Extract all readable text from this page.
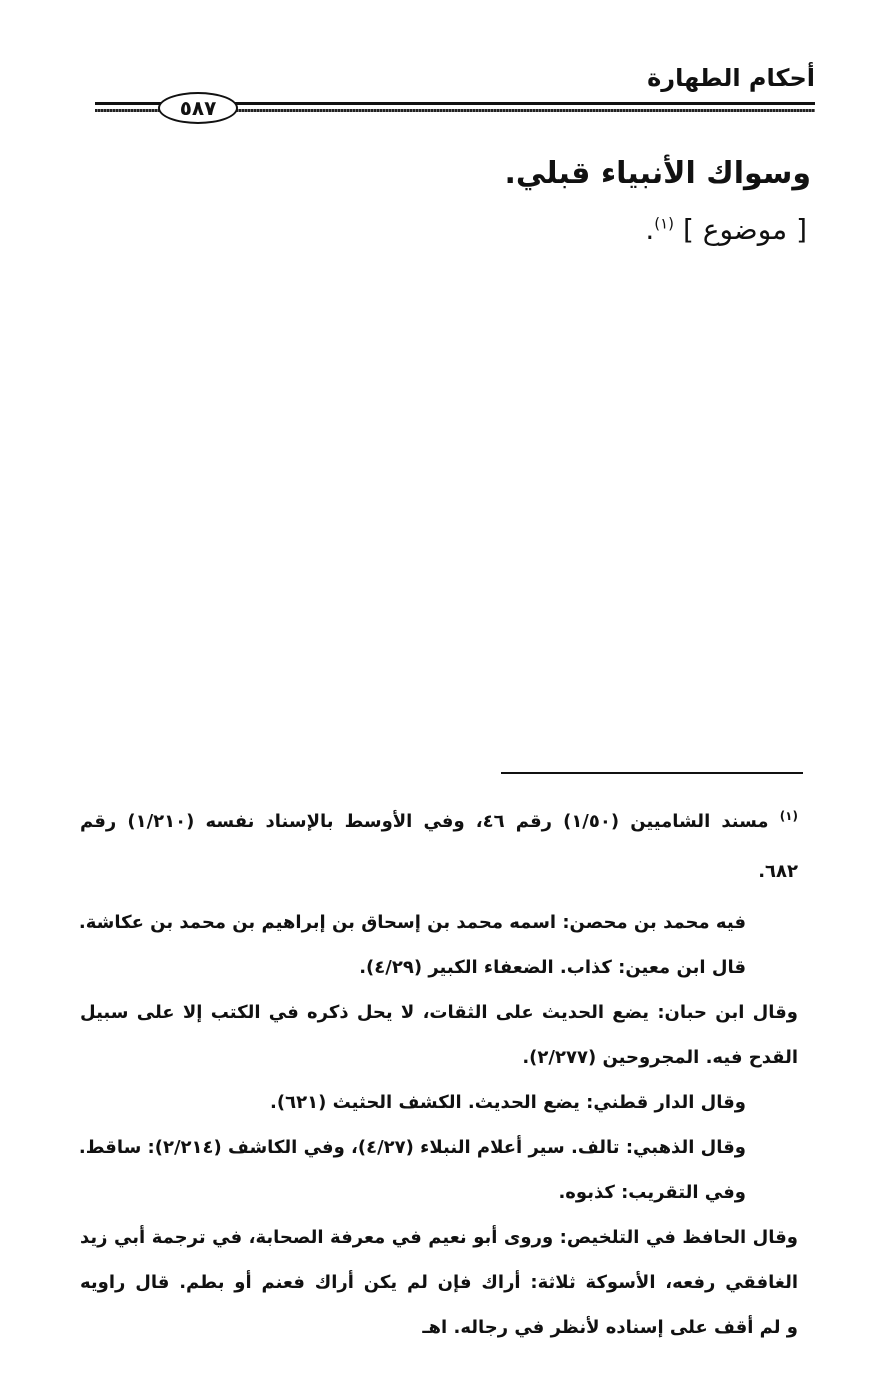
أحكام الطهارة
٥٨٧
وسواك الأنبياء قبلي.
[ موضوع ] $^{(١)}$.
$^{(١)}$ مسند الشاميين (١/٥٠) رقم ٤٦، وفي الأوسط بالإسناد نفسه (١/٢١٠) رقم
٦٨٢.
فيه محمد بن محصن: اسمه محمد بن إسحاق بن إبراهيم بن محمد بن عكاشة.
قال ابن معين: كذاب. الضعفاء الكبير (٤/٢٩).
وقال ابن حبان: يضع الحديث على الثقات، لا يحل ذكره في الكتب إلا على سبيل
القدح فيه. المجروحين (٢/٢٧٧).
وقال الدار قطني: يضع الحديث. الكشف الحثيث (٦٢١).
وقال الذهبي: تالف. سير أعلام النبلاء (٤/٢٧)، وفي الكاشف (٢/٢١٤): ساقط.
وفي التقريب: كذبوه.
وقال الحافظ في التلخيص: وروى أبو نعيم في معرفة الصحابة، في ترجمة أبي زيد
الغافقي رفعه، الأسوكة ثلاثة: أراك فإن لم يكن أراك فعنم أو بطم. قال راويه
و لم أقف على إسناده لأنظر في رجاله. اهـ
